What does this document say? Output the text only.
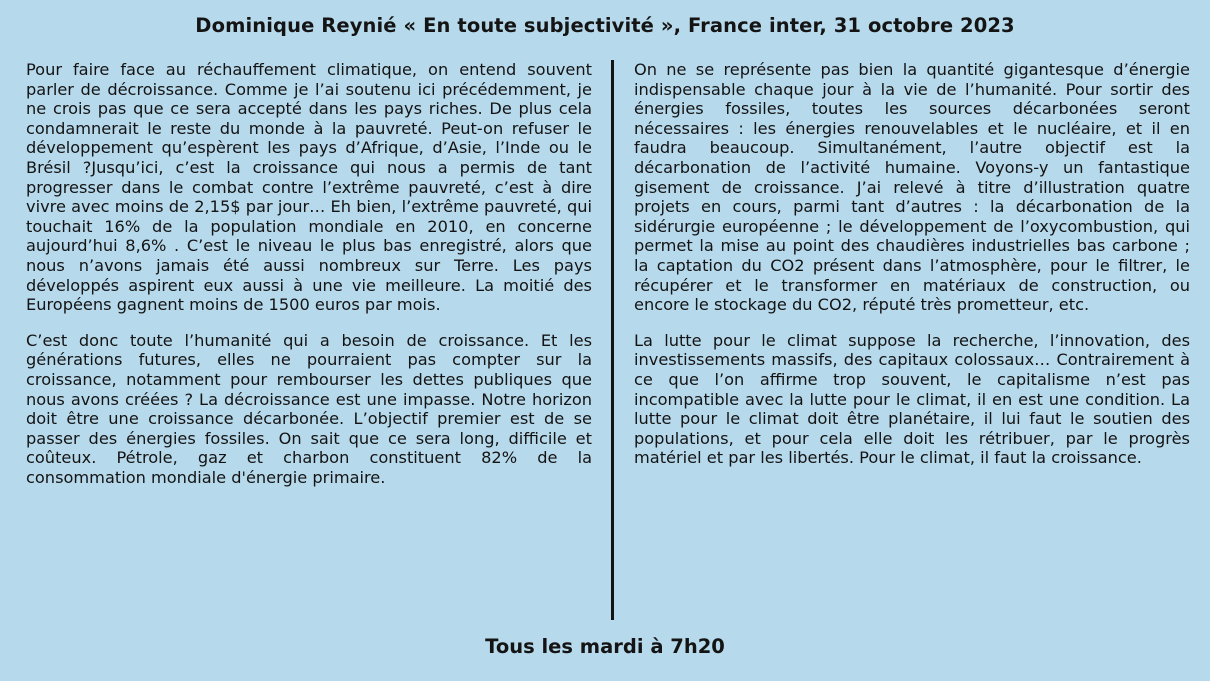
Dominique Reynié « En toute subjectivité », France inter, 31 octobre 2023

Pour faire face au réchauffement climatique, on entend souvent parler de décroissance. Comme je l’ai soutenu ici précédemment, je ne crois pas que ce sera accepté dans les pays riches. De plus cela condamnerait le reste du monde à la pauvreté. Peut-on refuser le développement qu’espèrent les pays d’Afrique, d’Asie, l’Inde ou le Brésil ?Jusqu’ici, c’est la croissance qui nous a permis de tant progresser dans le combat contre l’extrême pauvreté, c’est à dire vivre avec moins de 2,15$ par jour… Eh bien, l’extrême pauvreté, qui touchait 16% de la population mondiale en 2010, en concerne aujourd’hui 8,6% . C’est le niveau le plus bas enregistré, alors que nous n’avons jamais été aussi nombreux sur Terre. Les pays développés aspirent eux aussi à une vie meilleure. La moitié des Européens gagnent moins de 1500 euros par mois.

C’est donc toute l’humanité qui a besoin de croissance. Et les générations futures, elles ne pourraient pas compter sur la croissance, notamment pour rembourser les dettes publiques que nous avons créées ? La décroissance est une impasse. Notre horizon doit être une croissance décarbonée. L’objectif premier est de se passer des énergies fossiles. On sait que ce sera long, difficile et coûteux. Pétrole, gaz et charbon constituent 82% de la consommation mondiale d'énergie primaire.

On ne se représente pas bien la quantité gigantesque d’énergie indispensable chaque jour à la vie de l’humanité. Pour sortir des énergies fossiles, toutes les sources décarbonées seront nécessaires : les énergies renouvelables et le nucléaire, et il en faudra beaucoup. Simultanément, l’autre objectif est la décarbonation de l’activité humaine. Voyons-y un fantastique gisement de croissance. J’ai relevé à titre d’illustration quatre projets en cours, parmi tant d’autres : la décarbonation de la sidérurgie européenne ; le développement de l’oxycombustion, qui permet la mise au point des chaudières industrielles bas carbone ; la captation du CO2 présent dans l’atmosphère, pour le filtrer, le récupérer et le transformer en matériaux de construction, ou encore le stockage du CO2, réputé très prometteur, etc.

La lutte pour le climat suppose la recherche, l’innovation, des investissements massifs, des capitaux colossaux… Contrairement à ce que l’on affirme trop souvent, le capitalisme n’est pas incompatible avec la lutte pour le climat, il en est une condition. La lutte pour le climat doit être planétaire, il lui faut le soutien des populations, et pour cela elle doit les rétribuer, par le progrès matériel et par les libertés. Pour le climat, il faut la croissance.

Tous les mardi à 7h20
